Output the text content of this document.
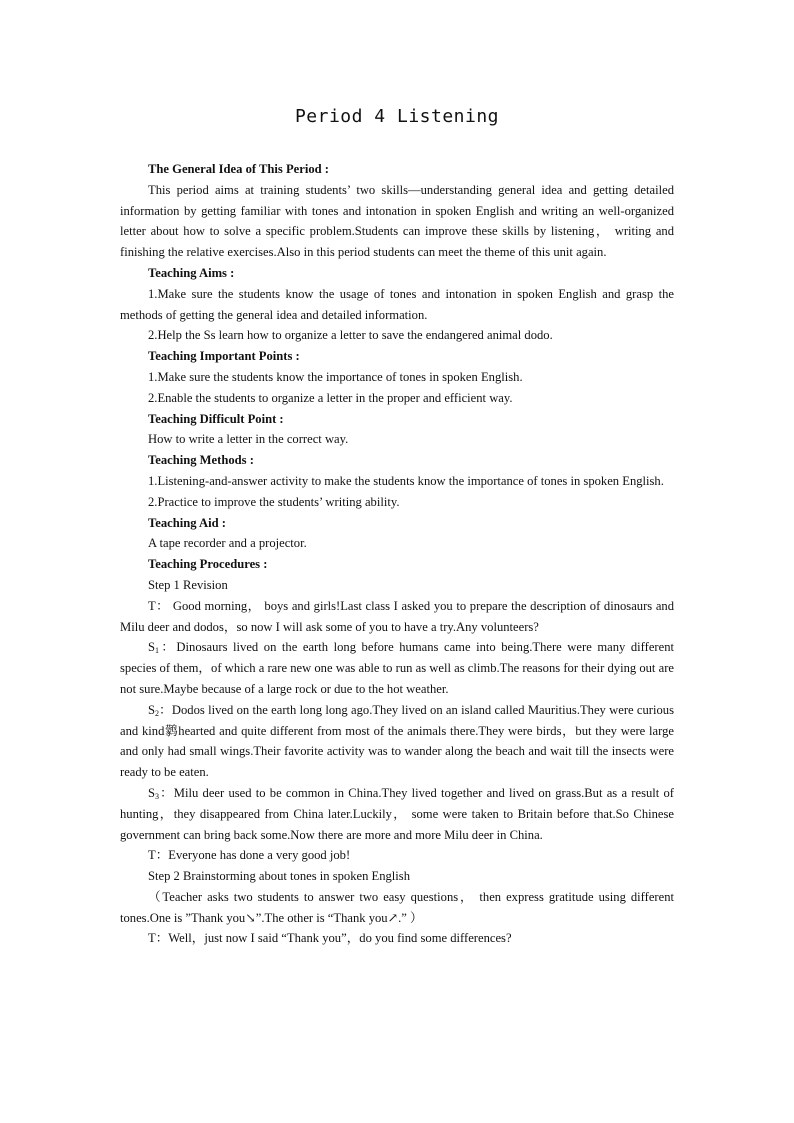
Period 4 Listening

The General Idea of This Period :

This period aims at training students’ two skills—understanding general idea and getting detailed information by getting familiar with tones and intonation in spoken English and writing an well-organized letter about how to solve a specific problem.Students can improve these skills by listening， writing and finishing the relative exercises.Also in this period students can meet the theme of this unit again.

Teaching Aims :

1.Make sure the students know the usage of tones and intonation in spoken English and grasp the methods of getting the general idea and detailed information.

2.Help the Ss learn how to organize a letter to save the endangered animal dodo.

Teaching Important Points :

1.Make sure the students know the importance of tones in spoken English.

2.Enable the students to organize a letter in the proper and efficient way.

Teaching Difficult Point :

How to write a letter in the correct way.

Teaching Methods :

1.Listening-and-answer activity to make the students know the importance of tones in spoken English.

2.Practice to improve the students’ writing ability.

Teaching Aid :

A tape recorder and a projector.

Teaching Procedures :

Step 1 Revision

T： Good morning， boys and girls!Last class I asked you to prepare the description of dinosaurs and Milu deer and dodos，so now I will ask some of you to have a try.Any volunteers?

$S_1$：Dinosaurs lived on the earth long before humans came into being.There were many different species of them，of which a rare new one was able to run as well as climb.The reasons for their dying out are not sure.Maybe because of a large rock or due to the hot weather.

$S_2$：Dodos lived on the earth long long ago.They lived on an island called Mauritius.They were curious and kind鹲hearted and quite different from most of the animals there.They were birds，but they were large and only had small wings.Their favorite activity was to wander along the beach and wait till the insects were ready to be eaten.

$S_3$：Milu deer used to be common in China.They lived together and lived on grass.But as a result of hunting，they disappeared from China later.Luckily， some were taken to Britain before that.So Chinese government can bring back some.Now there are more and more Milu deer in China.

T：Everyone has done a very good job!

Step 2 Brainstorming about tones in spoken English

（Teacher asks two students to answer two easy questions， then express gratitude using different tones.One is ”Thank you↘”.The other is “Thank you↗.” ）

T：Well，just now I said “Thank you”，do you find some differences?
